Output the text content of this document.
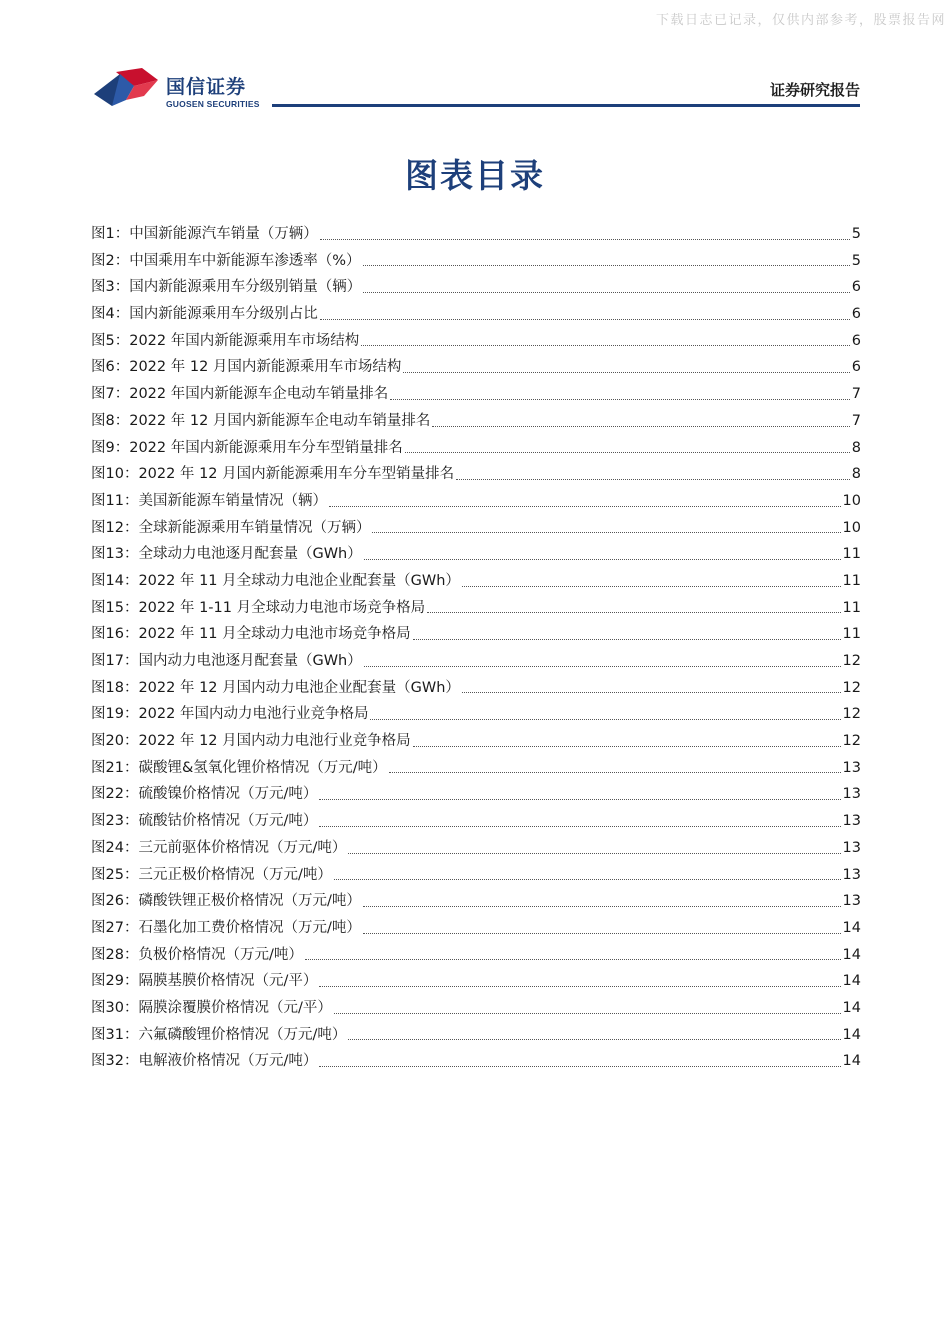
下载日志已记录，仅供内部参考，股票报告网
国信证券
GUOSEN SECURITIES
证券研究报告
图表目录
图1： 中国新能源汽车销量（万辆）	5
图2： 中国乘用车中新能源车渗透率（%）	5
图3： 国内新能源乘用车分级别销量（辆）	6
图4： 国内新能源乘用车分级别占比	6
图5： 2022 年国内新能源乘用车市场结构	6
图6： 2022 年 12 月国内新能源乘用车市场结构	6
图7： 2022 年国内新能源车企电动车销量排名	7
图8： 2022 年 12 月国内新能源车企电动车销量排名	7
图9： 2022 年国内新能源乘用车分车型销量排名	8
图10： 2022 年 12 月国内新能源乘用车分车型销量排名	8
图11： 美国新能源车销量情况（辆）	10
图12： 全球新能源乘用车销量情况（万辆）	10
图13： 全球动力电池逐月配套量（GWh）	11
图14： 2022 年 11 月全球动力电池企业配套量（GWh）	11
图15： 2022 年 1-11 月全球动力电池市场竞争格局	11
图16： 2022 年 11 月全球动力电池市场竞争格局	11
图17： 国内动力电池逐月配套量（GWh）	12
图18： 2022 年 12 月国内动力电池企业配套量（GWh）	12
图19： 2022 年国内动力电池行业竞争格局	12
图20： 2022 年 12 月国内动力电池行业竞争格局	12
图21： 碳酸锂&氢氧化锂价格情况（万元/吨）	13
图22： 硫酸镍价格情况（万元/吨）	13
图23： 硫酸钴价格情况（万元/吨）	13
图24： 三元前驱体价格情况（万元/吨）	13
图25： 三元正极价格情况（万元/吨）	13
图26： 磷酸铁锂正极价格情况（万元/吨）	13
图27： 石墨化加工费价格情况（万元/吨）	14
图28： 负极价格情况（万元/吨）	14
图29： 隔膜基膜价格情况（元/平）	14
图30： 隔膜涂覆膜价格情况（元/平）	14
图31： 六氟磷酸锂价格情况（万元/吨）	14
图32： 电解液价格情况（万元/吨）	14
